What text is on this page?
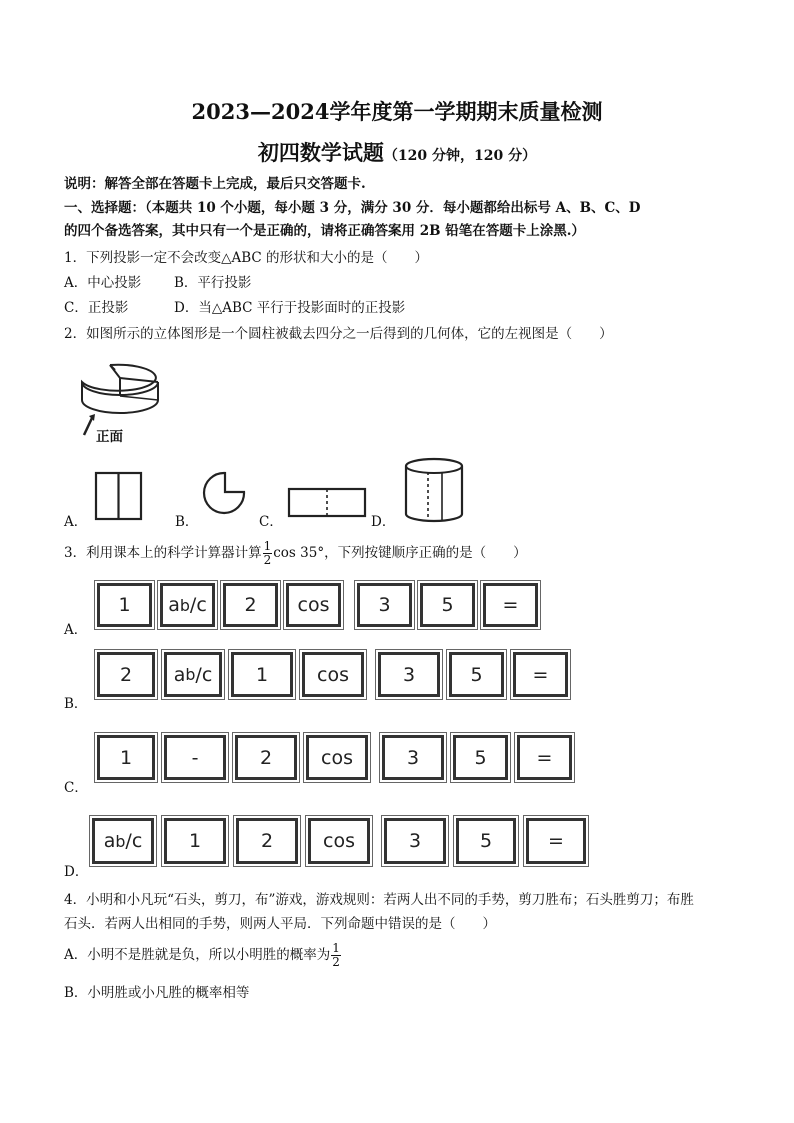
2023—2024学年度第一学期期末质量检测
初四数学试题（120 分钟，120 分）
说明：解答全部在答题卡上完成，最后只交答题卡.
一、选择题：（本题共 10 个小题，每小题 3 分，满分 30 分．每小题都给出标号 A、B、C、D
的四个备选答案，其中只有一个是正确的，请将正确答案用 2B 铅笔在答题卡上涂黑.）
1．下列投影一定不会改变△ABC 的形状和大小的是（　　）
A．中心投影 B．平行投影
C．正投影	D．当△ABC 平行于投影面时的正投影
2．如图所示的立体图形是一个圆柱被截去四分之一后得到的几何体，它的左视图是（　　）
正面
A．	B．	C．	D．
3．利用课本上的科学计算器计算 $\frac{1}{2}$ cos 35°，下列按键顺序正确的是（　　）
A．
1	a b /c	2	cos	3	5	=
B．
2	a b /c	1	cos	3	5	=
C．
1	-	2	cos	3	5	=
D．
a b /c	1	2	cos	3	5	=
4．小明和小凡玩“石头，剪刀，布”游戏，游戏规则：若两人出不同的手势，剪刀胜布；石头胜剪刀；布胜
石头．若两人出相同的手势，则两人平局．下列命题中错误的是（　　）
A．小明不是胜就是负，所以小明胜的概率为 $\frac{1}{2}$
B．小明胜或小凡胜的概率相等
